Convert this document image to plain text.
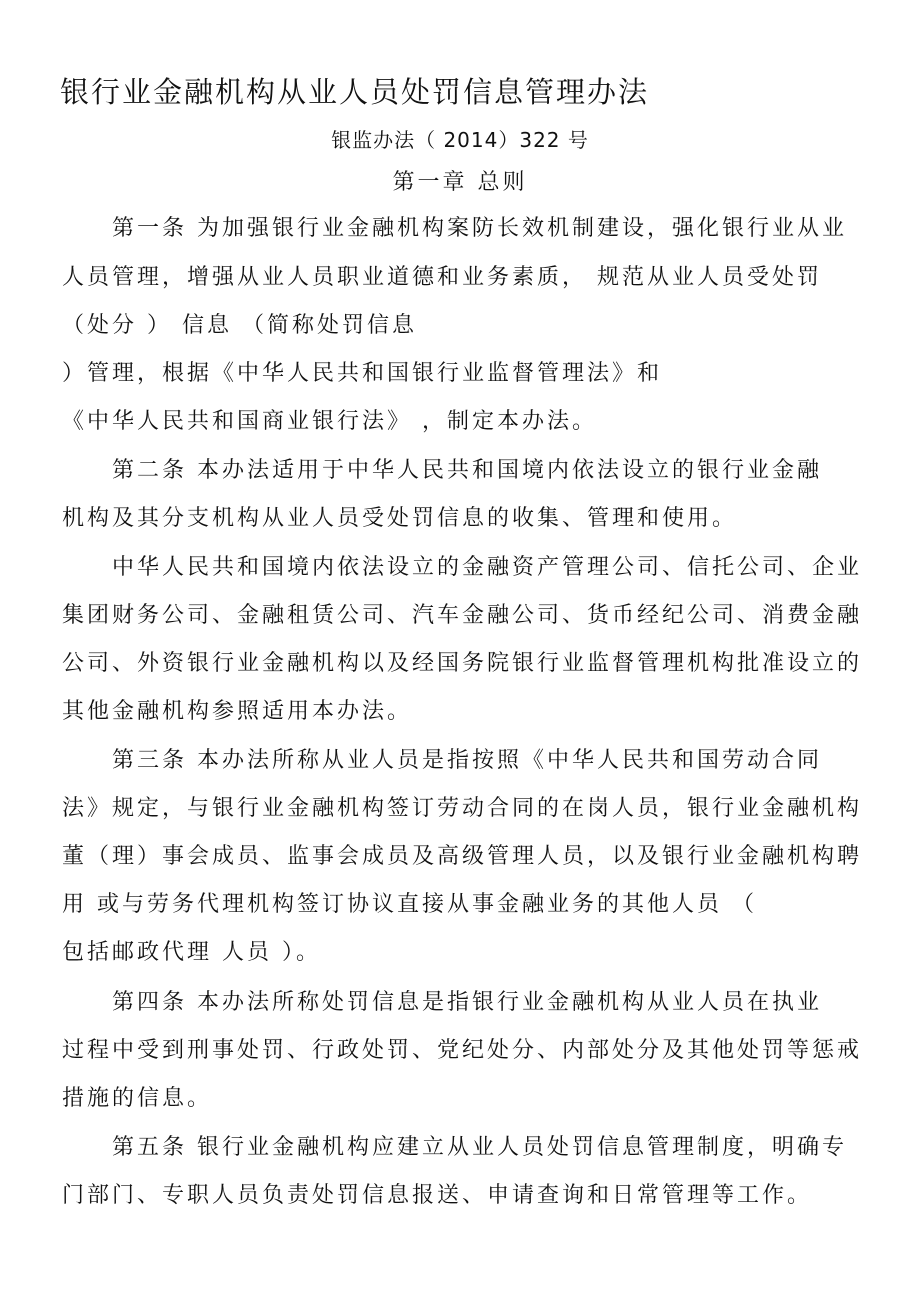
银行业金融机构从业人员处罚信息管理办法
银监办法（ 2014）322 号
第一章 总则
第一条 为加强银行业金融机构案防长效机制建设，强化银行业从业
人员管理，增强从业人员职业道德和业务素质， 规范从业人员受处罚
（处分 ） 信息 （简称处罚信息
）管理，根据《中华人民共和国银行业监督管理法》和
《中华人民共和国商业银行法》 ，制定本办法。
第二条 本办法适用于中华人民共和国境内依法设立的银行业金融
机构及其分支机构从业人员受处罚信息的收集、管理和使用。
中华人民共和国境内依法设立的金融资产管理公司、信托公司、企业
集团财务公司、金融租赁公司、汽车金融公司、货币经纪公司、消费金融
公司、外资银行业金融机构以及经国务院银行业监督管理机构批准设立的
其他金融机构参照适用本办法。
第三条 本办法所称从业人员是指按照《中华人民共和国劳动合同
法》规定，与银行业金融机构签订劳动合同的在岗人员，银行业金融机构
董（理）事会成员、监事会成员及高级管理人员，以及银行业金融机构聘
用 或与劳务代理机构签订协议直接从事金融业务的其他人员 （
包括邮政代理 人员 ）。
第四条 本办法所称处罚信息是指银行业金融机构从业人员在执业
过程中受到刑事处罚、行政处罚、党纪处分、内部处分及其他处罚等惩戒
措施的信息。
第五条 银行业金融机构应建立从业人员处罚信息管理制度，明确专
门部门、专职人员负责处罚信息报送、申请查询和日常管理等工作。
